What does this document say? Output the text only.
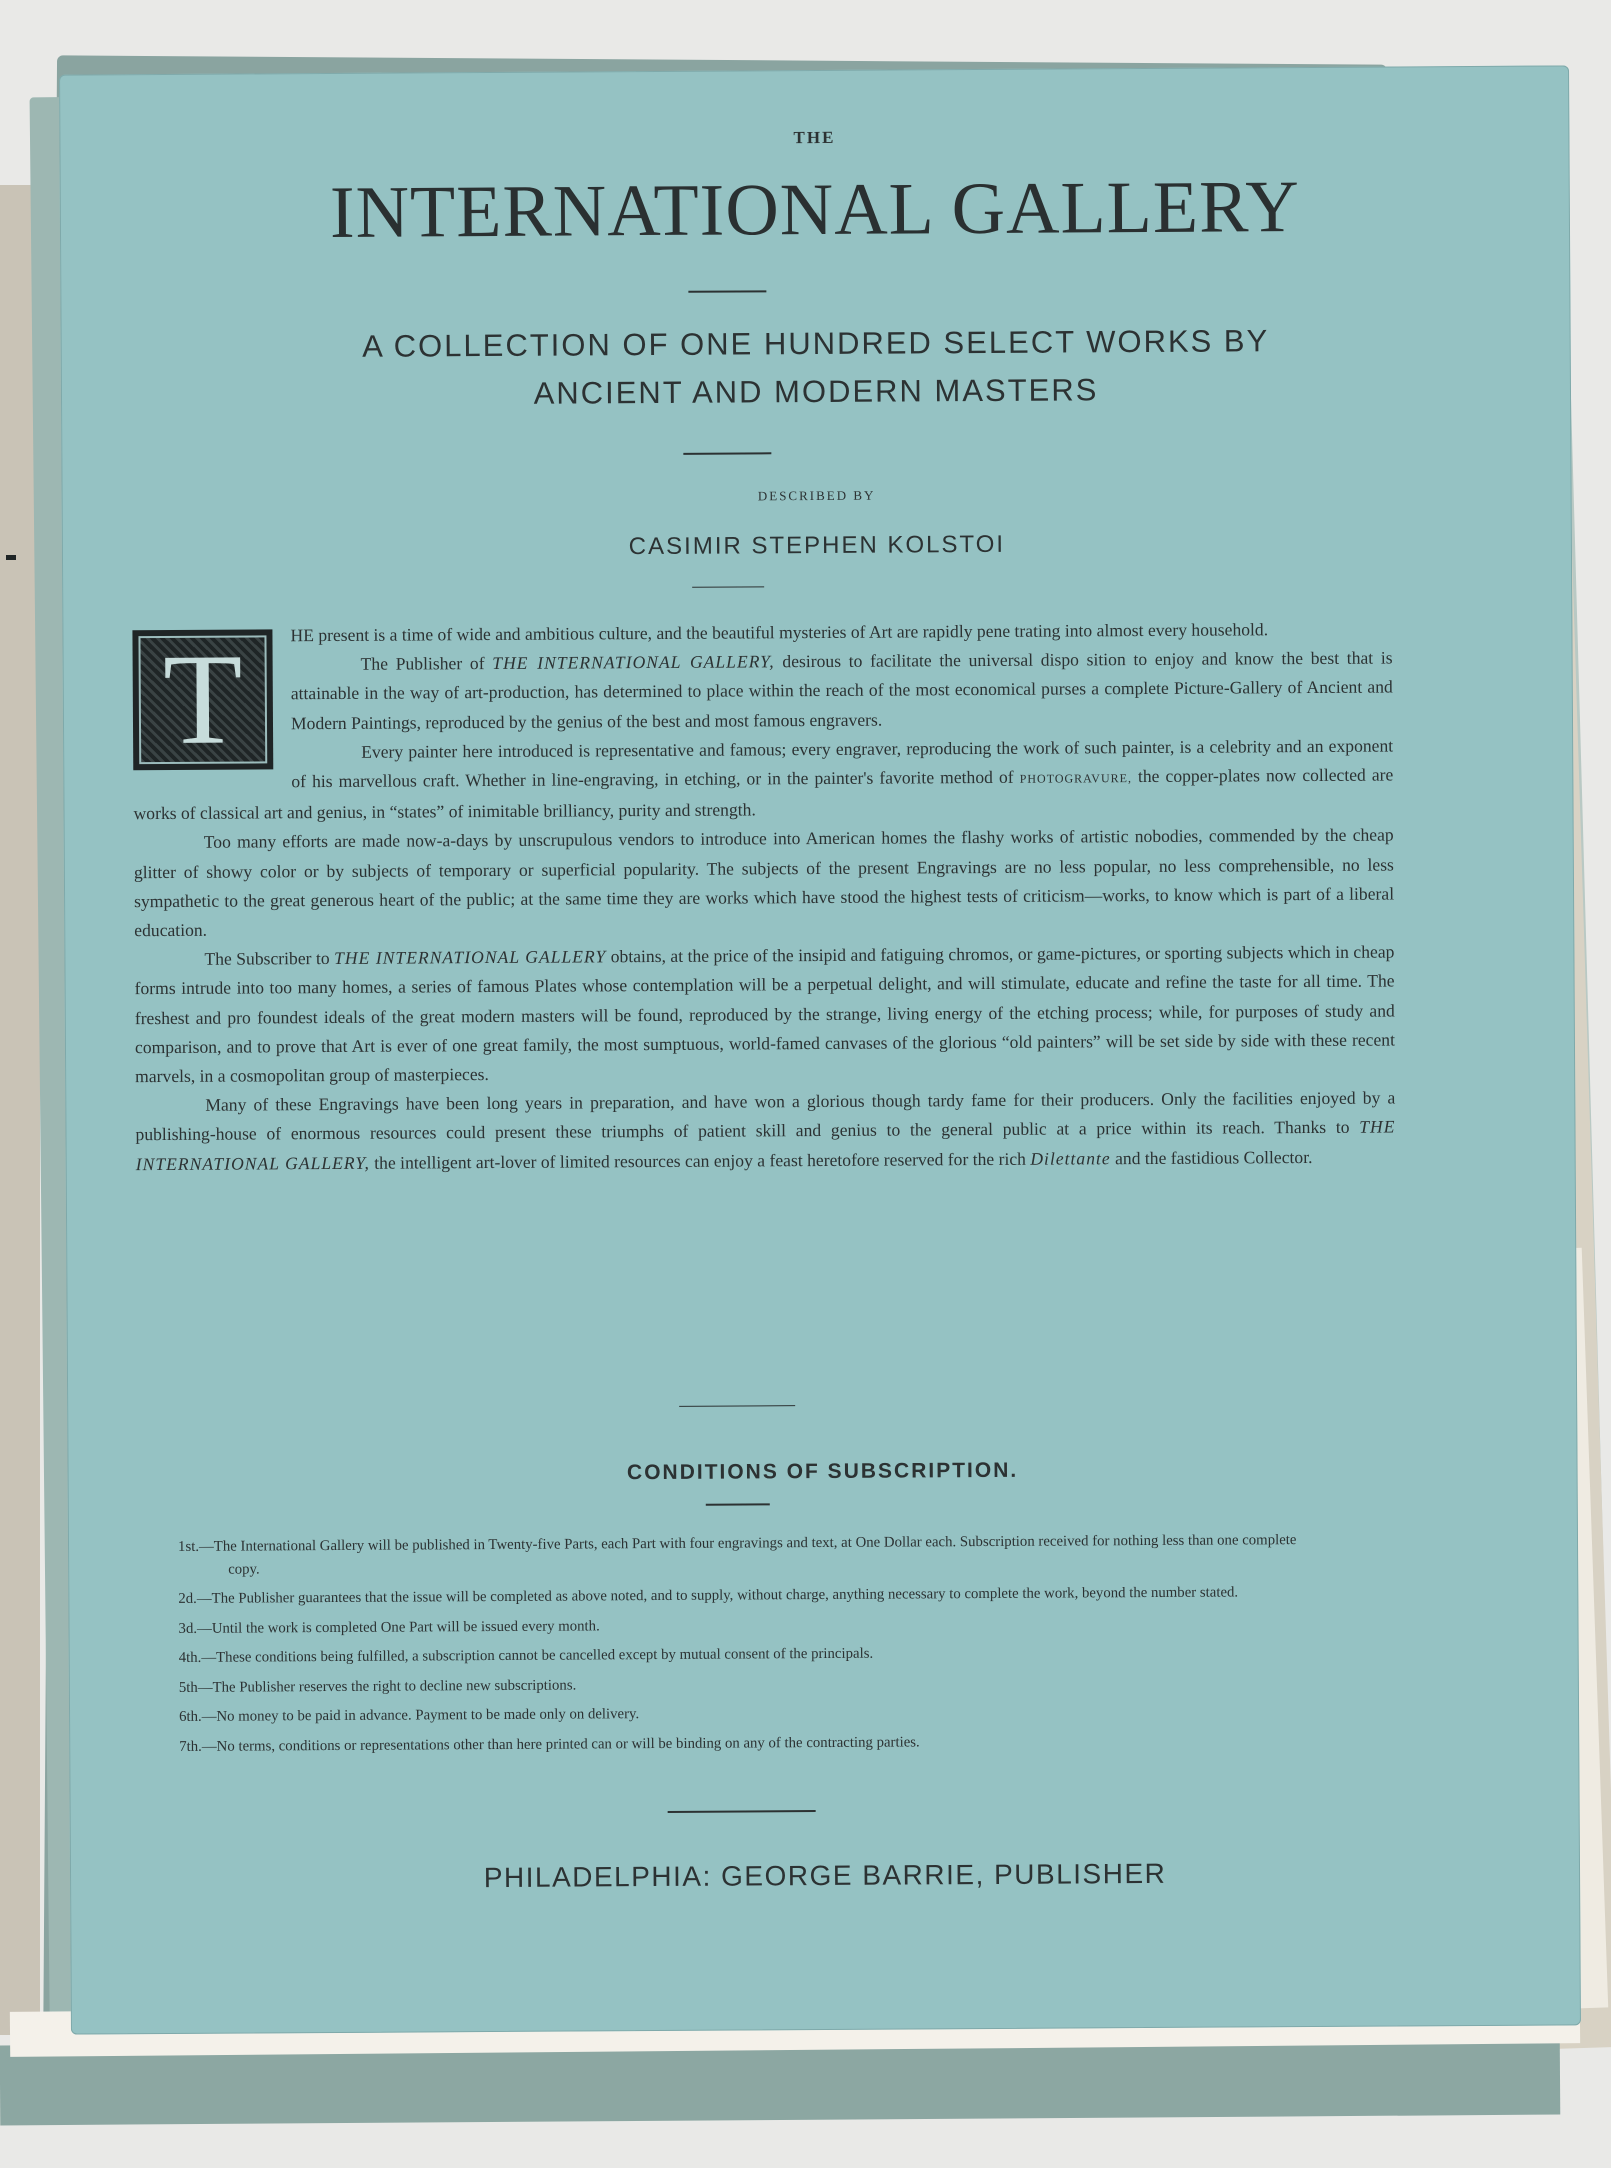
THE
INTERNATIONAL GALLERY
A COLLECTION OF ONE HUNDRED SELECT WORKS BY
ANCIENT AND MODERN MASTERS
DESCRIBED BY
CASIMIR STEPHEN KOLSTOI
T	HE present is a time of wide and ambitious culture, and the beautiful mysteries of Art are rapidly pene trating into almost every household.

The Publisher of THE INTERNATIONAL GALLERY, desirous to facilitate the universal dispo sition to enjoy and know the best that is attainable in the way of art-production, has determined to place within the reach of the most economical purses a complete Picture-Gallery of Ancient and Modern Paintings, reproduced by the genius of the best and most famous engravers.

Every painter here introduced is representative and famous; every engraver, reproducing the work of such painter, is a celebrity and an exponent of his marvellous craft. Whether in line-engraving, in etching, or in the painter's favorite method of PHOTOGRAVURE, the copper-plates now collected are works of classical art and genius, in “states” of inimitable brilliancy, purity and strength.

Too many efforts are made now-a-days by unscrupulous vendors to introduce into American homes the flashy works of artistic nobodies, commended by the cheap glitter of showy color or by subjects of temporary or superficial popularity. The subjects of the present Engravings are no less popular, no less comprehensible, no less sympathetic to the great generous heart of the public; at the same time they are works which have stood the highest tests of criticism—works, to know which is part of a liberal education.

The Subscriber to THE INTERNATIONAL GALLERY obtains, at the price of the insipid and fatiguing chromos, or game-pictures, or sporting subjects which in cheap forms intrude into too many homes, a series of famous Plates whose contemplation will be a perpetual delight, and will stimulate, educate and refine the taste for all time. The freshest and pro foundest ideals of the great modern masters will be found, reproduced by the strange, living energy of the etching process; while, for purposes of study and comparison, and to prove that Art is ever of one great family, the most sumptuous, world-famed canvases of the glorious “old painters” will be set side by side with these recent marvels, in a cosmopolitan group of masterpieces.

Many of these Engravings have been long years in preparation, and have won a glorious though tardy fame for their producers. Only the facilities enjoyed by a publishing-house of enormous resources could present these triumphs of patient skill and genius to the general public at a price within its reach. Thanks to THE INTERNATIONAL GALLERY, the intelligent art-lover of limited resources can enjoy a feast heretofore reserved for the rich Dilettante and the fastidious Collector.

CONDITIONS OF SUBSCRIPTION.
1st.—The International Gallery will be published in Twenty-five Parts, each Part with four engravings and text, at One Dollar each. Subscription received for nothing less than one complete copy.
2d.—The Publisher guarantees that the issue will be completed as above noted, and to supply, without charge, anything necessary to complete the work, beyond the number stated.
3d.—Until the work is completed One Part will be issued every month.
4th.—These conditions being fulfilled, a subscription cannot be cancelled except by mutual consent of the principals.
5th—The Publisher reserves the right to decline new subscriptions.
6th.—No money to be paid in advance. Payment to be made only on delivery.
7th.—No terms, conditions or representations other than here printed can or will be binding on any of the contracting parties.
PHILADELPHIA: GEORGE BARRIE, PUBLISHER
